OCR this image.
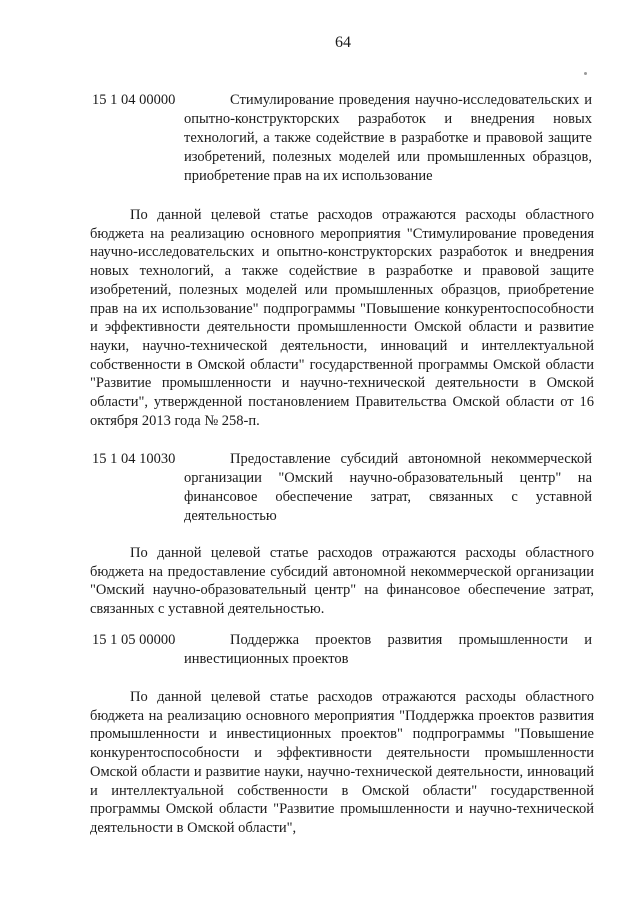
64
15 1 04 00000	Стимулирование проведения научно-исследовательских и опытно-конструкторских разработок и внедрения новых технологий, а также содействие в разработке и правовой защите изобретений, полезных моделей или промышленных образцов, приобретение прав на их использование

По данной целевой статье расходов отражаются расходы областного бюджета на реализацию основного мероприятия "Стимулирование проведения научно-исследовательских и опытно-конструкторских разработок и внедрения новых технологий, а также содействие в разработке и правовой защите изобретений, полезных моделей или промышленных образцов, приобретение прав на их использование" подпрограммы "Повышение конкурентоспособности и эффективности деятельности промышленности Омской области и развитие науки, научно-технической деятельности, инноваций и интеллектуальной собственности в Омской области" государственной программы Омской области "Развитие промышленности и научно-технической деятельности в Омской области", утвержденной постановлением Правительства Омской области от 16 октября 2013 года № 258-п.

15 1 04 10030	Предоставление субсидий автономной некоммерческой организации "Омский научно-образовательный центр" на финансовое обеспечение затрат, связанных с уставной деятельностью

По данной целевой статье расходов отражаются расходы областного бюджета на предоставление субсидий автономной некоммерческой организации "Омский научно-образовательный центр" на финансовое обеспечение затрат, связанных с уставной деятельностью.

15 1 05 00000	Поддержка проектов развития промышленности и инвестиционных проектов

По данной целевой статье расходов отражаются расходы областного бюджета на реализацию основного мероприятия "Поддержка проектов развития промышленности и инвестиционных проектов" подпрограммы "Повышение конкурентоспособности и эффективности деятельности промышленности Омской области и развитие науки, научно-технической деятельности, инноваций и интеллектуальной собственности в Омской области" государственной программы Омской области "Развитие промышленности и научно-технической деятельности в Омской области",
